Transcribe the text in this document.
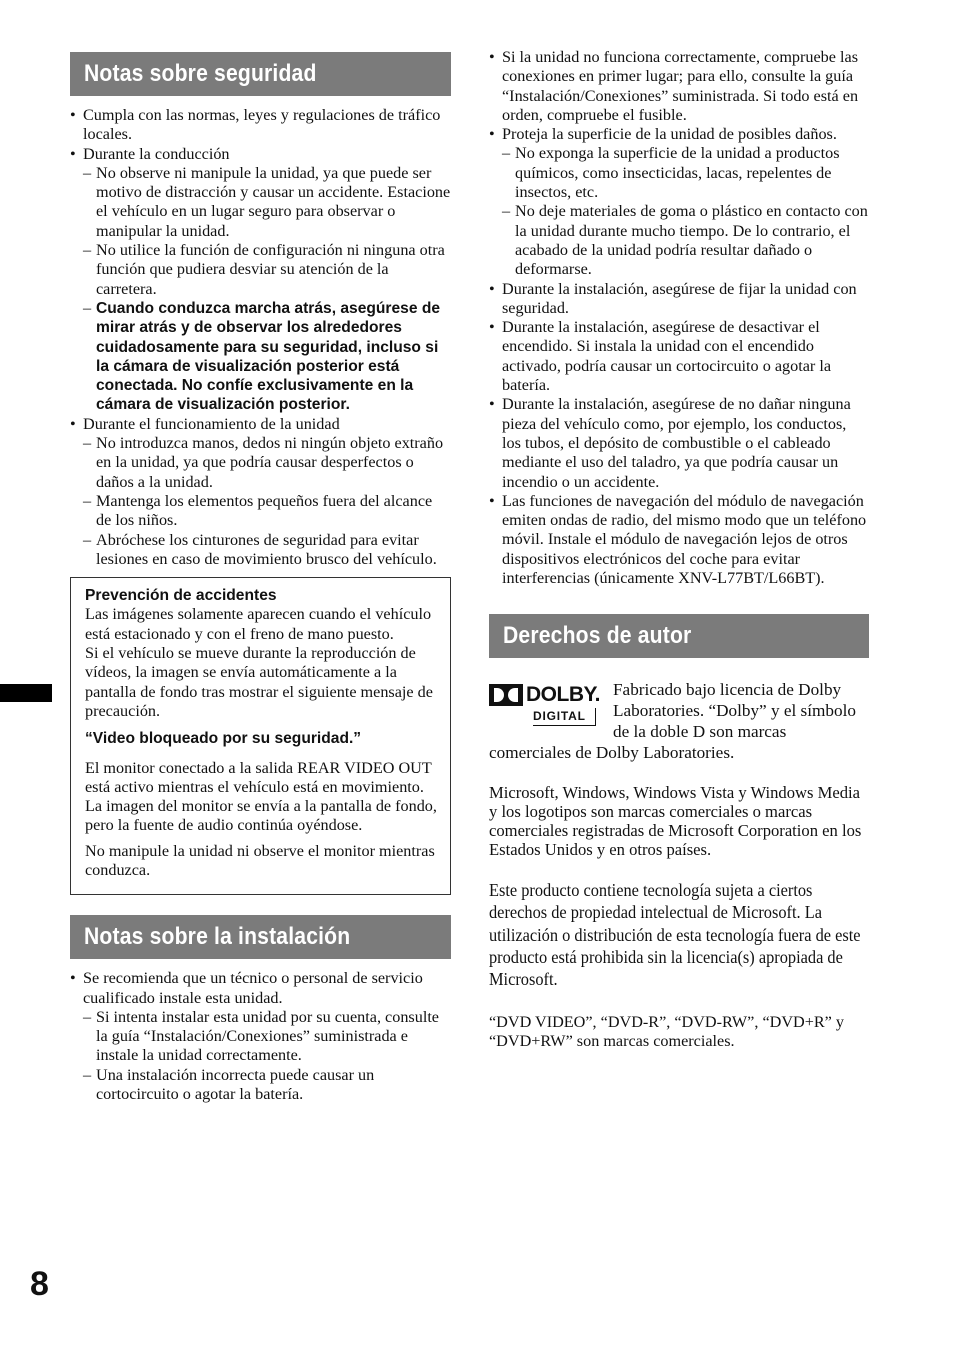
Notas sobre seguridad
• Cumpla con las normas, leyes y regulaciones de tráfico locales.
• Durante la conducción
– No observe ni manipule la unidad, ya que puede ser motivo de distracción y causar un accidente. Estacione el vehículo en un lugar seguro para observar o manipular la unidad.
– No utilice la función de configuración ni ninguna otra función que pudiera desviar su atención de la carretera.
– Cuando conduzca marcha atrás, asegúrese de mirar atrás y de observar los alrededores cuidadosamente para su seguridad, incluso si la cámara de visualización posterior está conectada. No confíe exclusivamente en la cámara de visualización posterior.
• Durante el funcionamiento de la unidad
– No introduzca manos, dedos ni ningún objeto extraño en la unidad, ya que podría causar desperfectos o daños a la unidad.
– Mantenga los elementos pequeños fuera del alcance de los niños.
– Abróchese los cinturones de seguridad para evitar lesiones en caso de movimiento brusco del vehículo.
Prevención de accidentes

Las imágenes solamente aparecen cuando el vehículo está estacionado y con el freno de mano puesto.

Si el vehículo se mueve durante la reproducción de vídeos, la imagen se envía automáticamente a la pantalla de fondo tras mostrar el siguiente mensaje de precaución.

“Video bloqueado por su seguridad.”

El monitor conectado a la salida REAR VIDEO OUT está activo mientras el vehículo está en movimiento.

La imagen del monitor se envía a la pantalla de fondo, pero la fuente de audio continúa oyéndose.

No manipule la unidad ni observe el monitor mientras conduzca.

Notas sobre la instalación
• Se recomienda que un técnico o personal de servicio cualificado instale esta unidad.
– Si intenta instalar esta unidad por su cuenta, consulte la guía “Instalación/Conexiones” suministrada e instale la unidad correctamente.
– Una instalación incorrecta puede causar un cortocircuito o agotar la batería.
• Si la unidad no funciona correctamente, compruebe las conexiones en primer lugar; para ello, consulte la guía “Instalación/Conexiones” suministrada. Si todo está en orden, compruebe el fusible.
• Proteja la superficie de la unidad de posibles daños.
– No exponga la superficie de la unidad a productos químicos, como insecticidas, lacas, repelentes de insectos, etc.
– No deje materiales de goma o plástico en contacto con la unidad durante mucho tiempo. De lo contrario, el acabado de la unidad podría resultar dañado o deformarse.
• Durante la instalación, asegúrese de fijar la unidad con seguridad.
• Durante la instalación, asegúrese de desactivar el encendido. Si instala la unidad con el encendido activado, podría causar un cortocircuito o agotar la batería.
• Durante la instalación, asegúrese de no dañar ninguna pieza del vehículo como, por ejemplo, los conductos, los tubos, el depósito de combustible o el cableado mediante el uso del taladro, ya que podría causar un incendio o un accidente.
• Las funciones de navegación del módulo de navegación emiten ondas de radio, del mismo modo que un teléfono móvil. Instale el módulo de navegación lejos de otros dispositivos electrónicos del coche para evitar interferencias (únicamente XNV-L77BT/L66BT).
Derechos de autor
DOLBY.
DIGITAL

Fabricado bajo licencia de Dolby Laboratories. “Dolby” y el símbolo de la doble D son marcas comerciales de Dolby Laboratories.

Microsoft, Windows, Windows Vista y Windows Media y los logotipos son marcas comerciales o marcas comerciales registradas de Microsoft Corporation en los Estados Unidos y en otros países.

Este producto contiene tecnología sujeta a ciertos derechos de propiedad intelectual de Microsoft. La utilización o distribución de esta tecnología fuera de este producto está prohibida sin la licencia(s) apropiada de Microsoft.

“DVD VIDEO”, “DVD-R”, “DVD-RW”, “DVD+R” y “DVD+RW” son marcas comerciales.

8
